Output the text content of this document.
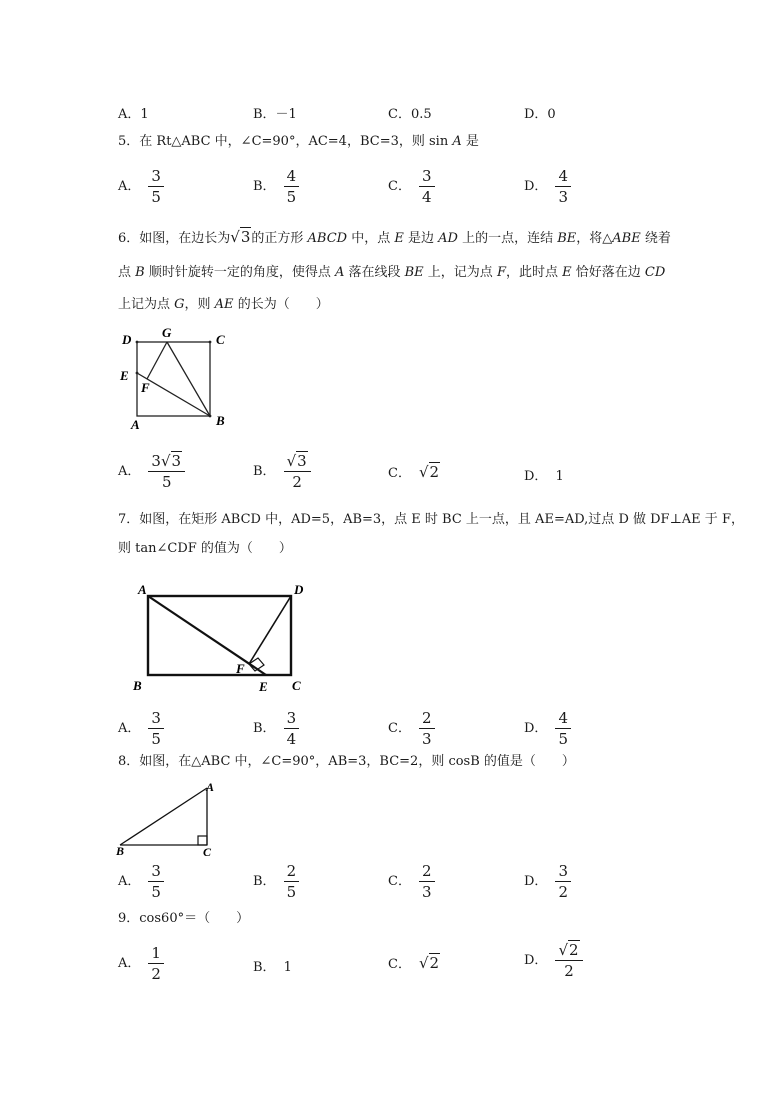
A．1	B．－1	C．0.5	D．0
5．在 Rt△ABC 中，∠C=90°，AC=4，BC=3，则 sin A 是
A． $\frac{3}{5}$	B． $\frac{4}{5}$	C． $\frac{3}{4}$	D． $\frac{4}{3}$
6．如图，在边长为√3的正方形 ABCD 中，点 E 是边 AD 上的一点，连结 BE，将△ABE 绕着
点 B 顺时针旋转一定的角度，使得点 A 落在线段 BE 上，记为点 F，此时点 E 恰好落在边 CD
上记为点 G，则 AE 的长为（　　）
D G	C
E
F
A	B
A． $\frac{3√3}{5}$	B． $\frac{√3}{2}$	C． √2	D． 1
7．如图，在矩形 ABCD 中，AD=5，AB=3，点 E 时 BC 上一点，且 AE=AD,过点 D 做 DF⊥AE 于 F，
则 tan∠CDF 的值为（　　）
A	D
F
B	E C
A． $\frac{3}{5}$	B． $\frac{3}{4}$	C． $\frac{2}{3}$	D． $\frac{4}{5}$
8．如图，在△ABC 中，∠C=90°，AB=3，BC=2，则 cosB 的值是（　　）
A
B	C
A． $\frac{3}{5}$	B． $\frac{2}{5}$	C． $\frac{2}{3}$	D． $\frac{3}{2}$
9．cos60°＝（　　）
A． $\frac{1}{2}$	B． 1	C． √2	D． $\frac{√2}{2}$
